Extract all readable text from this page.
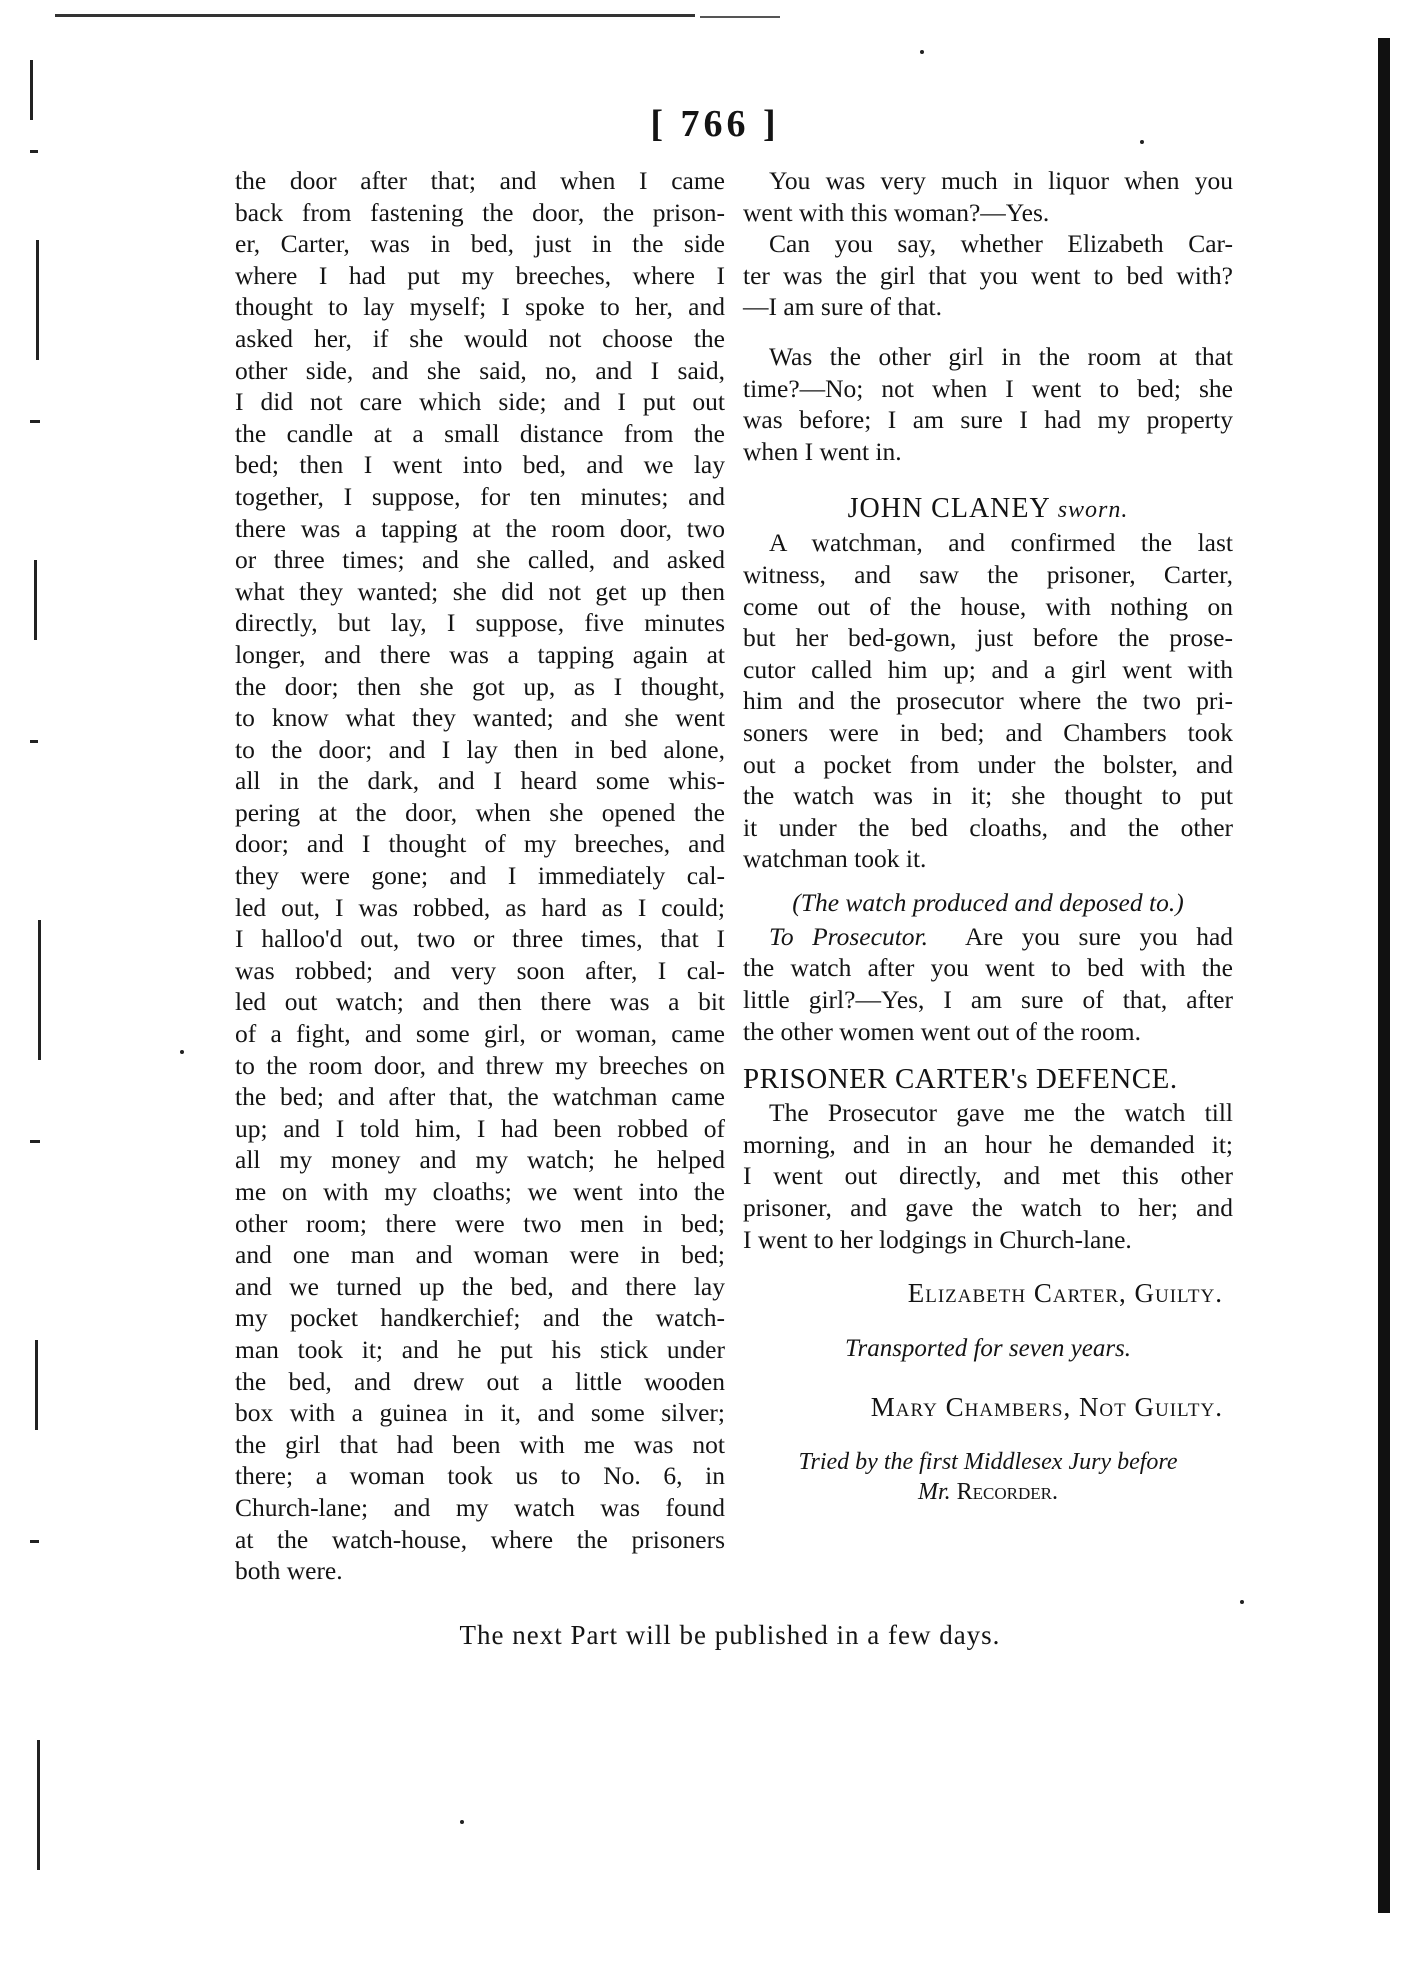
[ 766 ]
the door after that; and when I came
back from fastening the door, the prison-
er, Carter, was in bed, just in the side
where I had put my breeches, where I
thought to lay myself; I spoke to her, and
asked her, if she would not choose the
other side, and she said, no, and I said,
I did not care which side; and I put out
the candle at a small distance from the
bed; then I went into bed, and we lay
together, I suppose, for ten minutes; and
there was a tapping at the room door, two
or three times; and she called, and asked
what they wanted; she did not get up then
directly, but lay, I suppose, five minutes
longer, and there was a tapping again at
the door; then she got up, as I thought,
to know what they wanted; and she went
to the door; and I lay then in bed alone,
all in the dark, and I heard some whis-
pering at the door, when she opened the
door; and I thought of my breeches, and
they were gone; and I immediately cal-
led out, I was robbed, as hard as I could;
I halloo'd out, two or three times, that I
was robbed; and very soon after, I cal-
led out watch; and then there was a bit
of a fight, and some girl, or woman, came
to the room door, and threw my breeches on
the bed; and after that, the watchman came
up; and I told him, I had been robbed of
all my money and my watch; he helped
me on with my cloaths; we went into the
other room; there were two men in bed;
and one man and woman were in bed;
and we turned up the bed, and there lay
my pocket handkerchief; and the watch-
man took it; and he put his stick under
the bed, and drew out a little wooden
box with a guinea in it, and some silver;
the girl that had been with me was not
there; a woman took us to No. 6, in
Church-lane; and my watch was found
at the watch-house, where the prisoners
both were.
You was very much in liquor when you
went with this woman?—Yes.
Can you say, whether Elizabeth Car-
ter was the girl that you went to bed with?
—I am sure of that.
Was the other girl in the room at that
time?—No; not when I went to bed; she
was before; I am sure I had my property
when I went in.
JOHN CLANEY sworn.
A watchman, and confirmed the last
witness, and saw the prisoner, Carter,
come out of the house, with nothing on
but her bed-gown, just before the prose-
cutor called him up; and a girl went with
him and the prosecutor where the two pri-
soners were in bed; and Chambers took
out a pocket from under the bolster, and
the watch was in it; she thought to put
it under the bed cloaths, and the other
watchman took it.
(The watch produced and deposed to.)
To Prosecutor. Are you sure you had
the watch after you went to bed with the
little girl?—Yes, I am sure of that, after
the other women went out of the room.
PRISONER CARTER's DEFENCE.
The Prosecutor gave me the watch till
morning, and in an hour he demanded it;
I went out directly, and met this other
prisoner, and gave the watch to her; and
I went to her lodgings in Church-lane.
Elizabeth Carter, Guilty.
Transported for seven years.
Mary Chambers, Not Guilty.
Tried by the first Middlesex Jury before
Mr. Recorder.
The next Part will be published in a few days.
